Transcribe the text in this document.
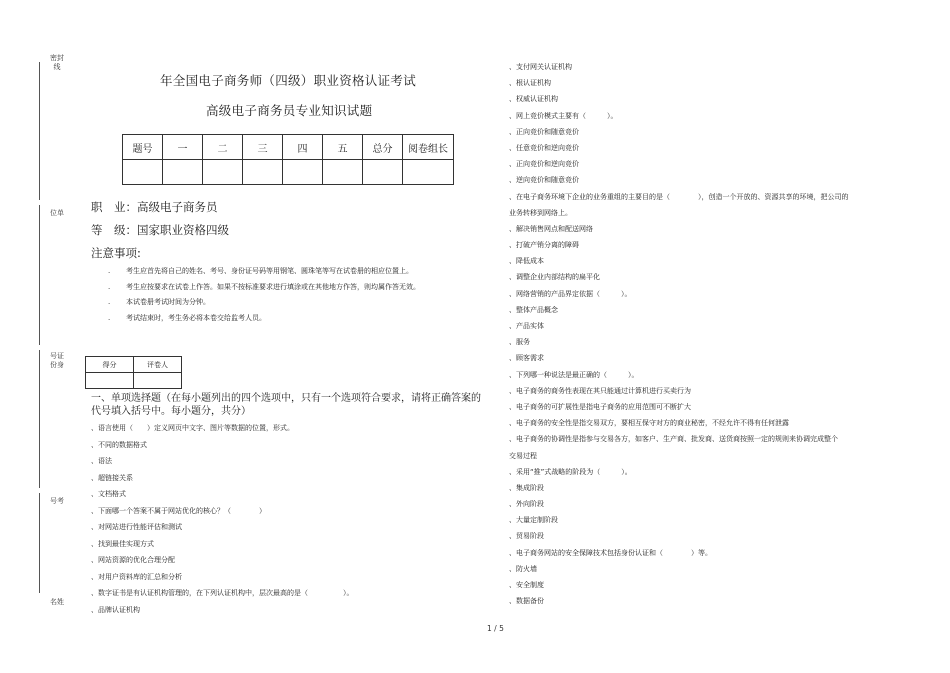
密封线
位单
号证份身
号考
名姓
年全国电子商务师（四级）职业资格认证考试
高级电子商务员专业知识试题
题号	一	二	三	四	五	总分	阅卷组长

职　业：高级电子商务员
等　级：国家职业资格四级
注意事项:
. 考生应首先将自己的姓名、考号、身份证号码等用钢笔、圆珠笔等写在试卷册的相应位置上。
. 考生应按要求在试卷上作答。如果不按标准要求进行填涂或在其他地方作答，则均属作答无效。
. 本试卷册考试时间为分钟。
. 考试结束时，考生务必将本卷交给监考人员。
得分	评卷人

一、单项选择题（在每小题列出的四个选项中，只有一个选项符合要求，请将正确答案的代号填入括号中。每小题分，共分）
、语言使用（　　）定义网页中文字、图片等数据的位置，形式。
、不同的数据格式
、语法
、超链接关系
、文档格式
、下面哪一个答案不属于网站优化的核心？（　　　　）
、对网站进行性能评估和测试
、找到最佳实现方式
、网站资源的优化合理分配
、对用户资料库的汇总和分析
、数字证书是有认证机构管理的，在下列认证机构中，层次最高的是（　　　　　）。
、品牌认证机构
、支付网关认证机构
、根认证机构
、权威认证机构
、网上竞价模式主要有（　　　）。
、正向竞价和随意竞价
、任意竞价和逆向竞价
、正向竞价和逆向竞价
、逆向竞价和随意竞价
、在电子商务环境下企业的业务重组的主要目的是（　　　　），创造一个开放的、资源共享的环境，把公司的
业务转移到网络上。
、解决销售网点和配送网络
、打破产销分离的障碍
、降低成本
、调整企业内部结构的扁平化
、网络营销的产品界定依据（　　　）。
、整体产品概念
、产品实体
、服务
、顾客需求
、下列哪一种说法是最正确的（　　　）。
、电子商务的商务性表现在其只能通过计算机进行买卖行为
、电子商务的可扩展性是指电子商务的应用范围可不断扩大
、电子商务的安全性是指交易双方，要相互保守对方的商业秘密，不经允许不得有任何泄露
、电子商务的协调性是指参与交易各方，如客户、生产商、批发商、送货商按照一定的规则来协调完成整个
交易过程
、采用“推”式战略的阶段为（　　　）。
、集成阶段
、外向阶段
、大量定制阶段
、贸易阶段
、电子商务网站的安全保障技术包括身份认证和（　　　　）等。
、防火墙
、安全制度
、数据备份
1 / 5
